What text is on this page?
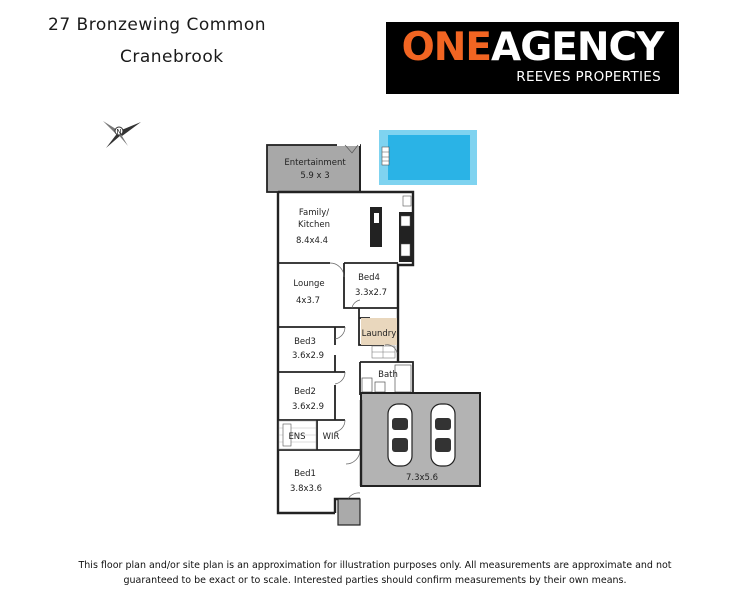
27 Bronzewing Common
Cranebrook	ONEAGENCY
REEVES PROPERTIES
N
Entertainment
5.9 x 3
Family/
Kitchen
8.4x4.4
Lounge
4x3.7
Bed4
3.3x2.7
Laundry
Bed3
3.6x2.9
Bath
Bed2
3.6x2.9
ENS WIR
7.3x5.6
Bed1
3.8x3.6
This floor plan and/or site plan is an approximation for illustration purposes only. All measurements are approximate and not
guaranteed to be exact or to scale. Interested parties should confirm measurements by their own means.
